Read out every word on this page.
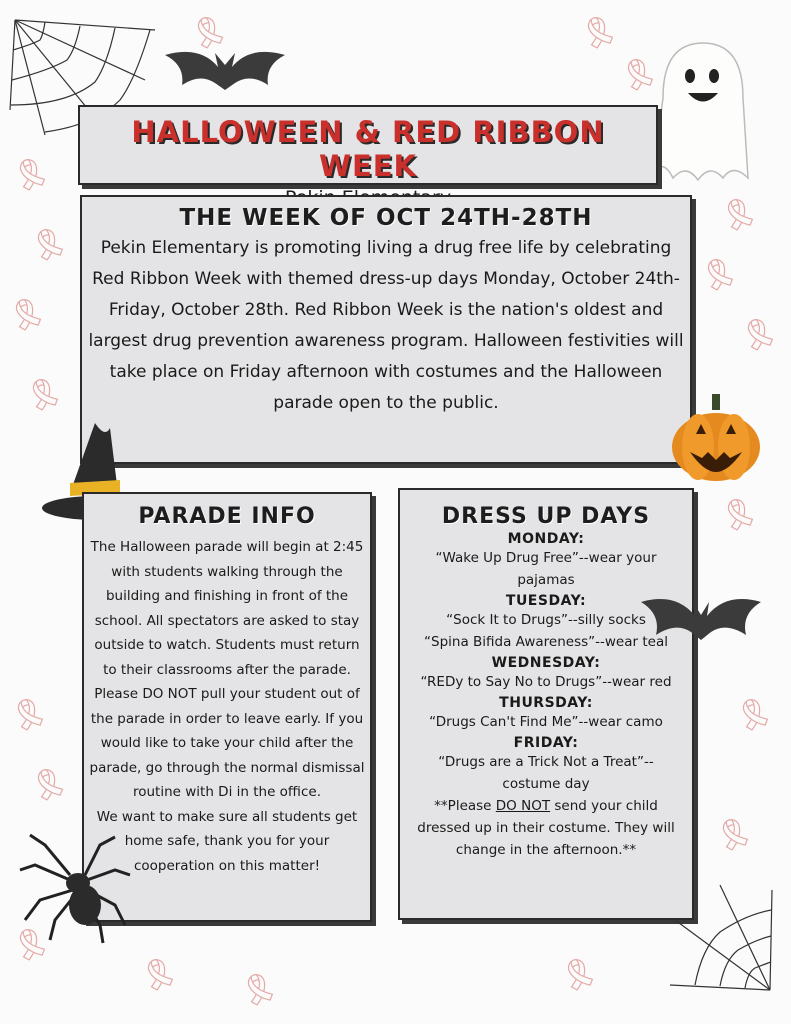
🎗
🎗
🎗
🎗
🎗
🎗
🎗
🎗 🎗	🎗
🎗
🎗
🎗
🎗
🎗
🎗
🎗
🎗
🎗
HALLOWEEN & RED RIBBON WEEK
THE WEEK OF OCT 24TH-28TH
Pekin Elementary is promoting living a drug free life by celebrating Red Ribbon Week with themed dress-up days Monday, October 24th-Friday, October 28th. Red Ribbon Week is the nation's oldest and largest drug prevention awareness program. Halloween festivities will take place on Friday afternoon with costumes and the Halloween parade open to the public.
PARADE INFO
The Halloween parade will begin at 2:45 with students walking through the building and finishing in front of the school. All spectators are asked to stay outside to watch. Students must return to their classrooms after the parade. Please DO NOT pull your student out of the parade in order to leave early. If you would like to take your child after the parade, go through the normal dismissal routine with Di in the office.
We want to make sure all students get home safe, thank you for your cooperation on this matter!
DRESS UP DAYS
MONDAY:
“Wake Up Drug Free”--wear your pajamas
TUESDAY:
“Sock It to Drugs”--silly socks
“Spina Bifida Awareness”--wear teal
WEDNESDAY:
“REDy to Say No to Drugs”--wear red
THURSDAY:
“Drugs Can't Find Me”--wear camo
FRIDAY:
“Drugs are a Trick Not a Treat”--costume day
**Please DO NOT send your child dressed up in their costume. They will change in the afternoon.**
